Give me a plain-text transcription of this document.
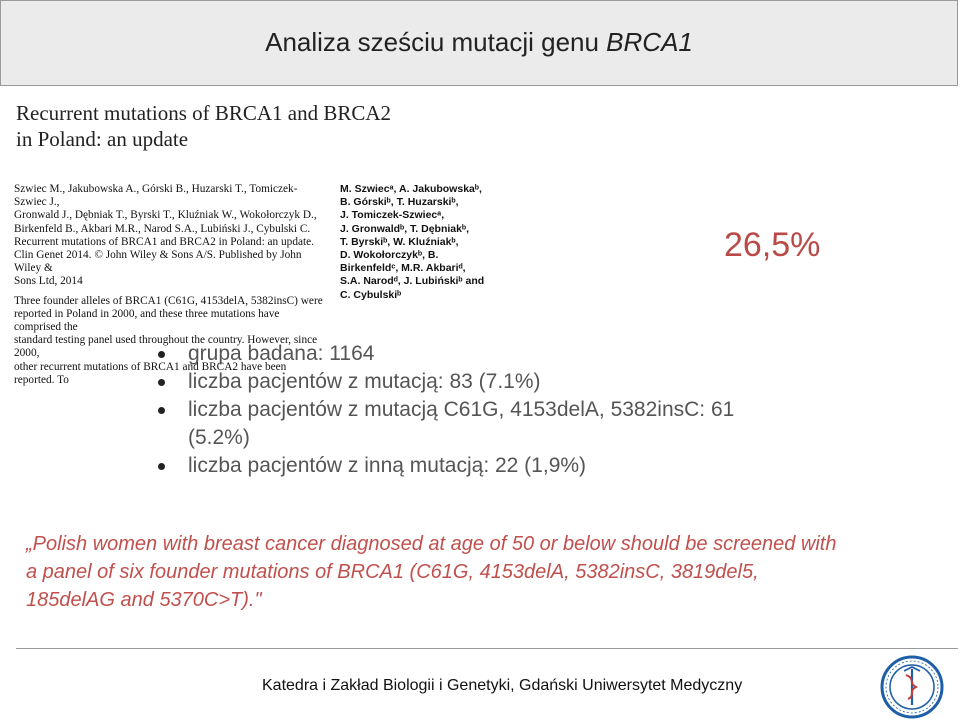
Analiza sześciu mutacji genu BRCA1
Recurrent mutations of BRCA1 and BRCA2
in Poland: an update

Szwiec M., Jakubowska A., Górski B., Huzarski T., Tomiczek-Szwiec J.,

Gronwald J., Dębniak T., Byrski T., Kluźniak W., Wokołorczyk D.,

Birkenfeld B., Akbari M.R., Narod S.A., Lubiński J., Cybulski C.

Recurrent mutations of BRCA1 and BRCA2 in Poland: an update.

Clin Genet 2014. © John Wiley & Sons A/S. Published by John Wiley &

Sons Ltd, 2014

Three founder alleles of BRCA1 (C61G, 4153delA, 5382insC) were

reported in Poland in 2000, and these three mutations have comprised the

standard testing panel used throughout the country. However, since 2000,

other recurrent mutations of BRCA1 and BRCA2 have been reported. To

M. Szwiecᵃ, A. Jakubowskaᵇ,
B. Górskiᵇ, T. Huzarskiᵇ,
J. Tomiczek-Szwiecᵃ,
J. Gronwaldᵇ, T. Dębniakᵇ,
T. Byrskiᵇ, W. Kluźniakᵇ,
D. Wokołorczykᵇ, B.
Birkenfeldᶜ, M.R. Akbariᵈ,
S.A. Narodᵈ, J. Lubińskiᵇ and
C. Cybulskiᵇ
26,5%
grupa badana: 1164
liczba pacjentów z mutacją: 83 (7.1%)
liczba pacjentów z mutacją C61G, 4153delA, 5382insC: 61
(5.2%)
liczba pacjentów z inną mutacją: 22 (1,9%)
„Polish women with breast cancer diagnosed at age of 50 or below should be screened with
a panel of six founder mutations of BRCA1 (C61G, 4153delA, 5382insC, 3819del5,
185delAG and 5370C>T)."
Katedra i Zakład Biologii i Genetyki, Gdański Uniwersytet Medyczny
